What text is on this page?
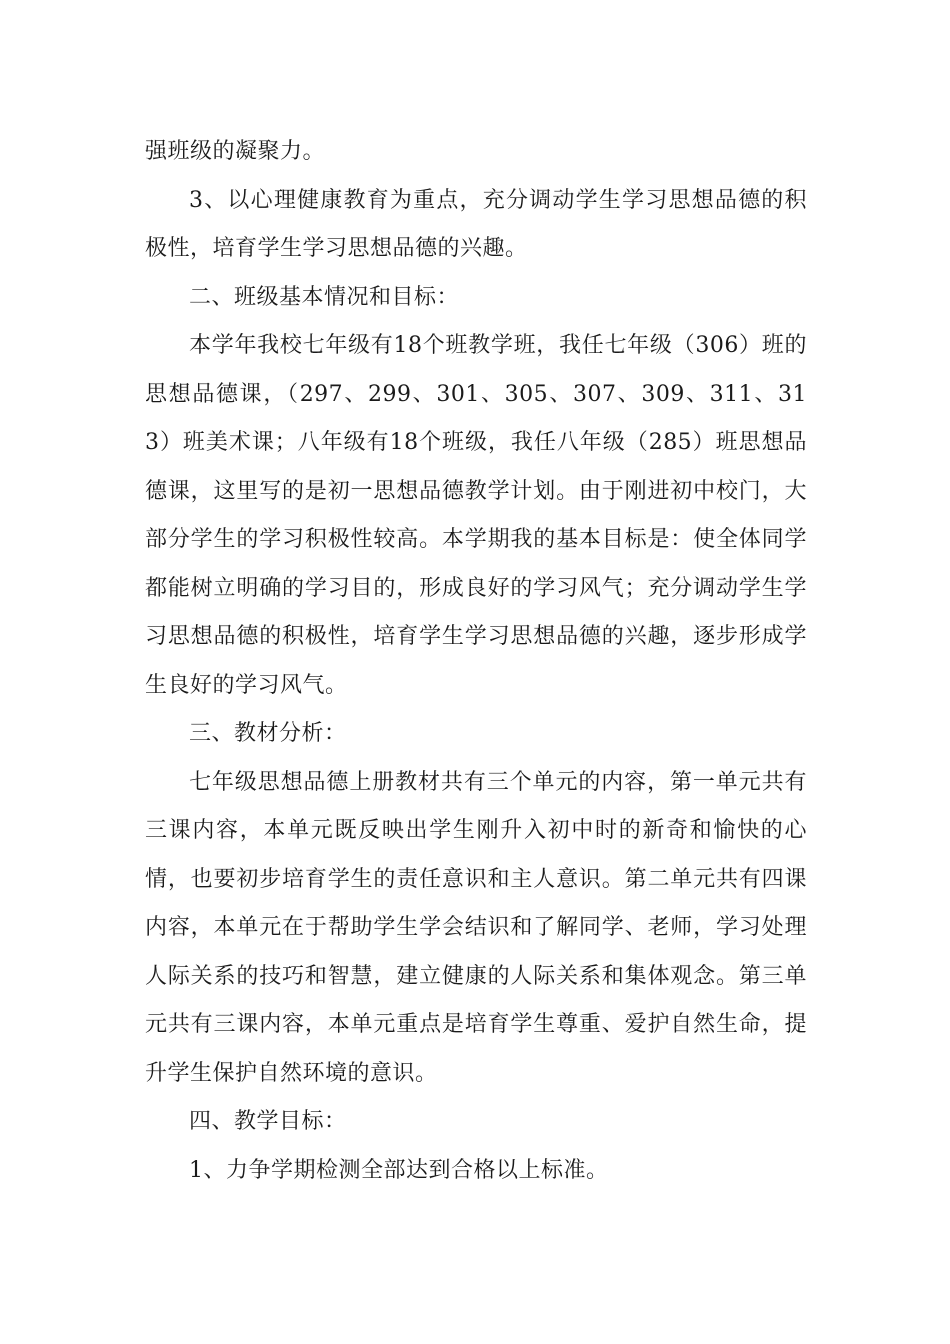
强班级的凝聚力。

3、以心理健康教育为重点，充分调动学生学习思想品德的积极性，培育学生学习思想品德的兴趣。

二、班级基本情况和目标：

本学年我校七年级有18个班教学班，我任七年级（306）班的思想品德课，（297、299、301、305、307、309、311、313）班美术课；八年级有18个班级，我任八年级（285）班思想品德课，这里写的是初一思想品德教学计划。由于刚进初中校门，大部分学生的学习积极性较高。本学期我的基本目标是：使全体同学都能树立明确的学习目的，形成良好的学习风气；充分调动学生学习思想品德的积极性，培育学生学习思想品德的兴趣，逐步形成学生良好的学习风气。

三、教材分析：

七年级思想品德上册教材共有三个单元的内容，第一单元共有三课内容，本单元既反映出学生刚升入初中时的新奇和愉快的心情，也要初步培育学生的责任意识和主人意识。第二单元共有四课内容，本单元在于帮助学生学会结识和了解同学、老师，学习处理人际关系的技巧和智慧，建立健康的人际关系和集体观念。第三单元共有三课内容，本单元重点是培育学生尊重、爱护自然生命，提升学生保护自然环境的意识。

四、教学目标：

1、力争学期检测全部达到合格以上标准。
